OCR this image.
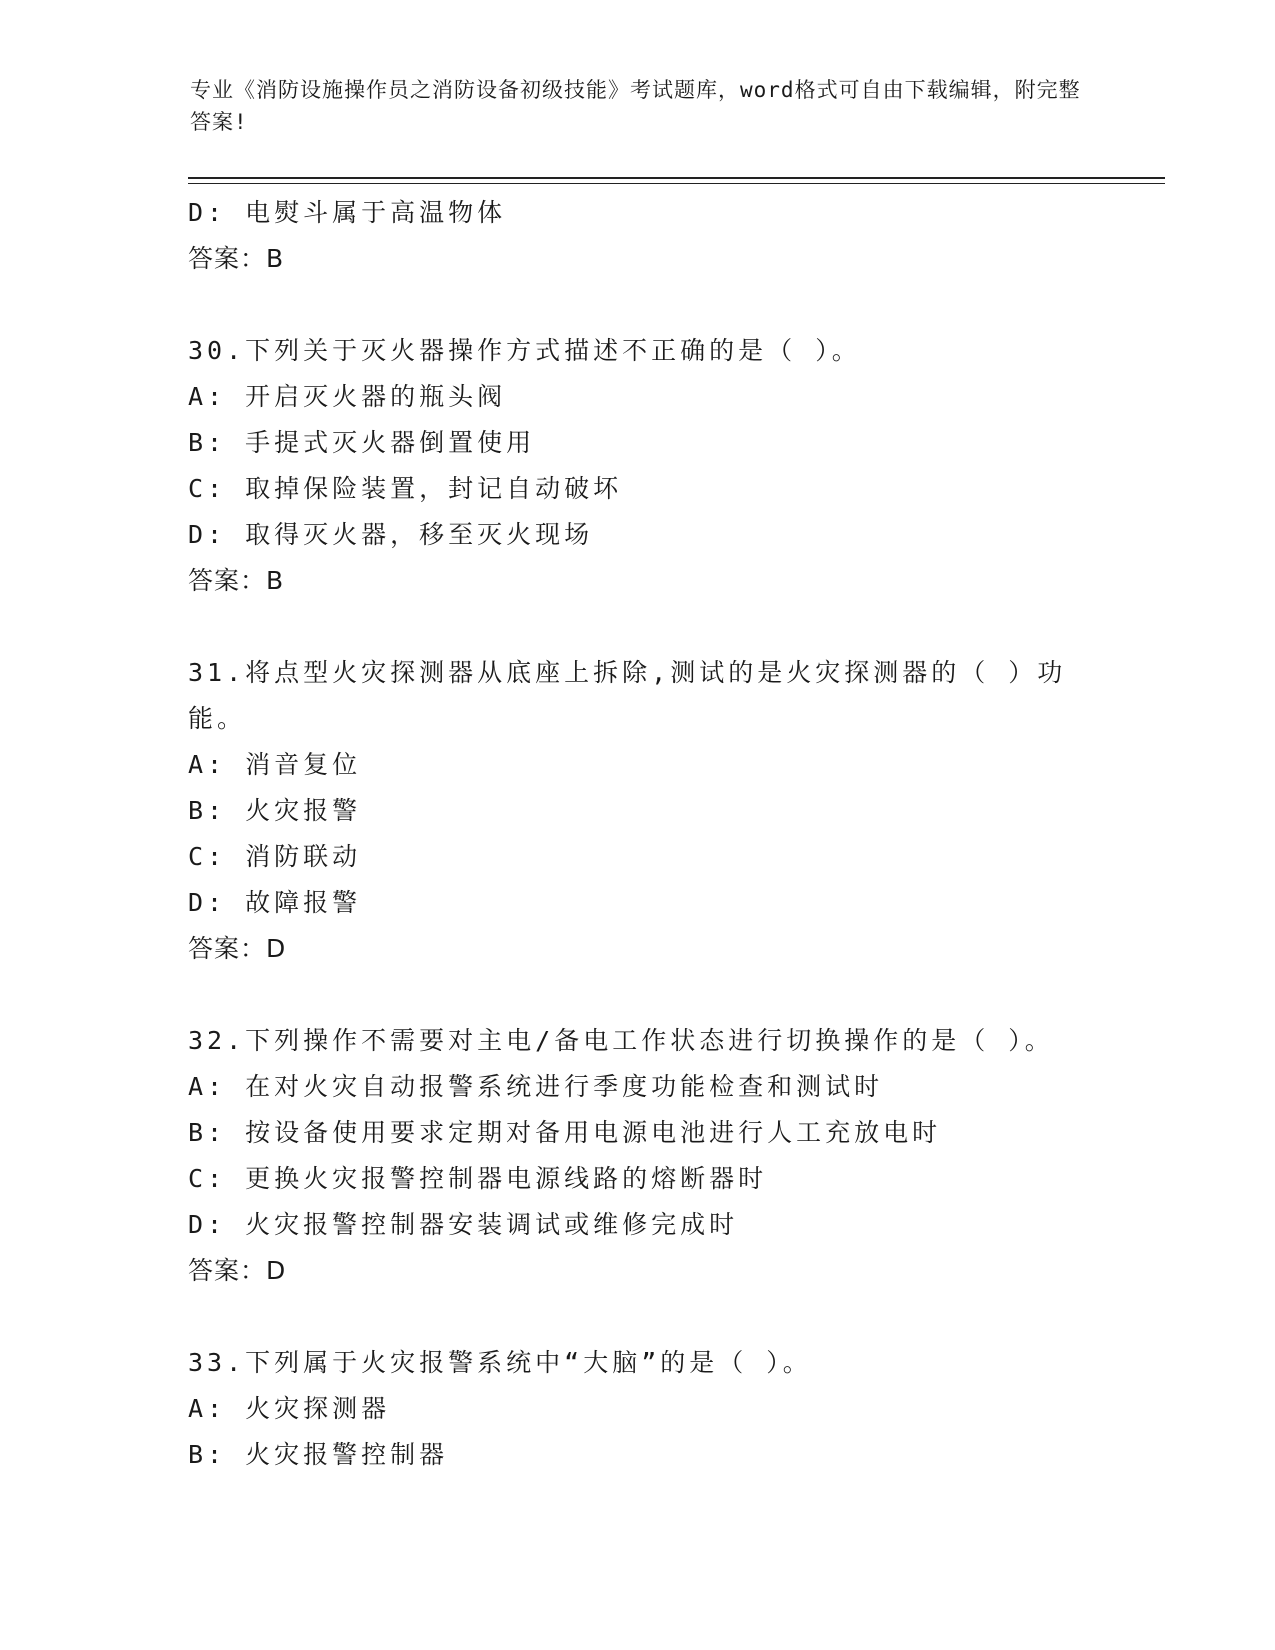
专业《消防设施操作员之消防设备初级技能》考试题库，word格式可自由下载编辑，附完整答案!
D: 电熨斗属于高温物体
答案：B
30.下列关于灭火器操作方式描述不正确的是（ ）。
A: 开启灭火器的瓶头阀
B: 手提式灭火器倒置使用
C: 取掉保险装置，封记自动破坏
D: 取得灭火器，移至灭火现场
答案：B
31.将点型火灾探测器从底座上拆除,测试的是火灾探测器的（ ）功能。
A: 消音复位
B: 火灾报警
C: 消防联动
D: 故障报警
答案：D
32.下列操作不需要对主电/备电工作状态进行切换操作的是（ ）。
A: 在对火灾自动报警系统进行季度功能检查和测试时
B: 按设备使用要求定期对备用电源电池进行人工充放电时
C: 更换火灾报警控制器电源线路的熔断器时
D: 火灾报警控制器安装调试或维修完成时
答案：D
33.下列属于火灾报警系统中“大脑”的是（ ）。
A: 火灾探测器
B: 火灾报警控制器
